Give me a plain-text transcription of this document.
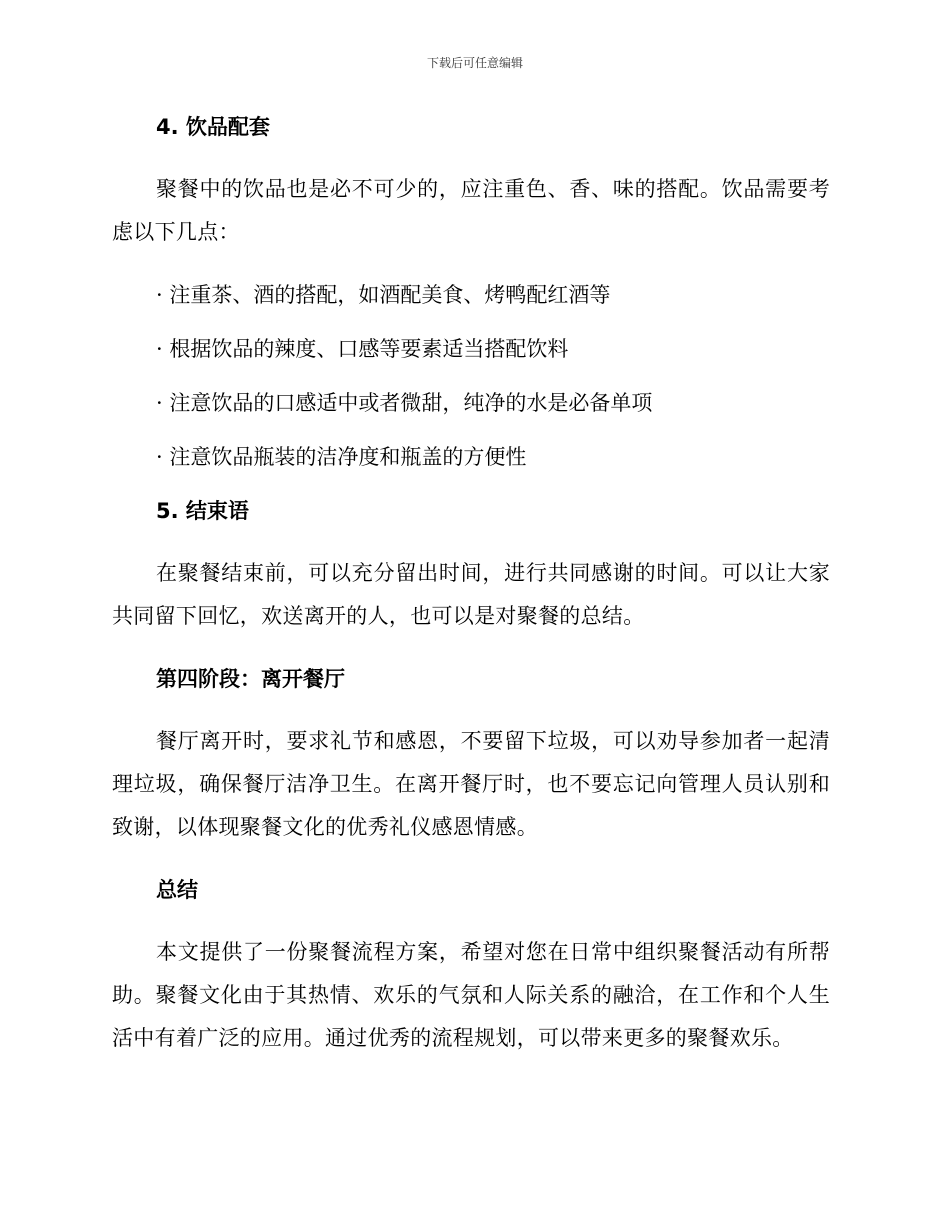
下载后可任意编辑
4. 饮品配套

聚餐中的饮品也是必不可少的，应注重色、香、味的搭配。饮品需要考虑以下几点：

· 注重茶、酒的搭配，如酒配美食、烤鸭配红酒等

· 根据饮品的辣度、口感等要素适当搭配饮料

· 注意饮品的口感适中或者微甜，纯净的水是必备单项

· 注意饮品瓶装的洁净度和瓶盖的方便性

5. 结束语

在聚餐结束前，可以充分留出时间，进行共同感谢的时间。可以让大家共同留下回忆，欢送离开的人，也可以是对聚餐的总结。

第四阶段：离开餐厅

餐厅离开时，要求礼节和感恩，不要留下垃圾，可以劝导参加者一起清理垃圾，确保餐厅洁净卫生。在离开餐厅时，也不要忘记向管理人员认别和致谢，以体现聚餐文化的优秀礼仪感恩情感。

总结

本文提供了一份聚餐流程方案，希望对您在日常中组织聚餐活动有所帮助。聚餐文化由于其热情、欢乐的气氛和人际关系的融洽，在工作和个人生活中有着广泛的应用。通过优秀的流程规划，可以带来更多的聚餐欢乐。
